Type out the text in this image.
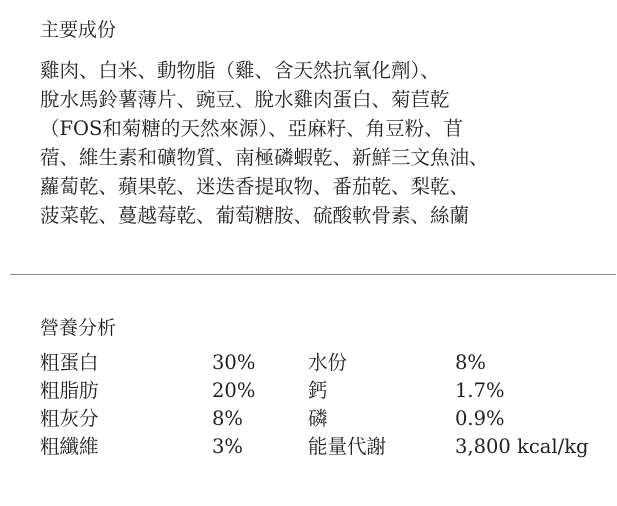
主要成份
雞肉、白米、動物脂（雞、含天然抗氧化劑）、
脫水馬鈴薯薄片、豌豆、脫水雞肉蛋白、菊苣乾
（FOS和菊糖的天然來源）、亞麻籽、角豆粉、苜
蓿、維生素和礦物質、南極磷蝦乾、新鮮三文魚油、
蘿蔔乾、蘋果乾、迷迭香提取物、番茄乾、梨乾、
菠菜乾、蔓越莓乾、葡萄糖胺、硫酸軟骨素、絲蘭
營養分析
粗蛋白	30%	水份	8%
粗脂肪	20%	鈣	1.7%
粗灰分	8%	磷	0.9%
粗纖維	3%	能量代謝	3,800 kcal/kg
